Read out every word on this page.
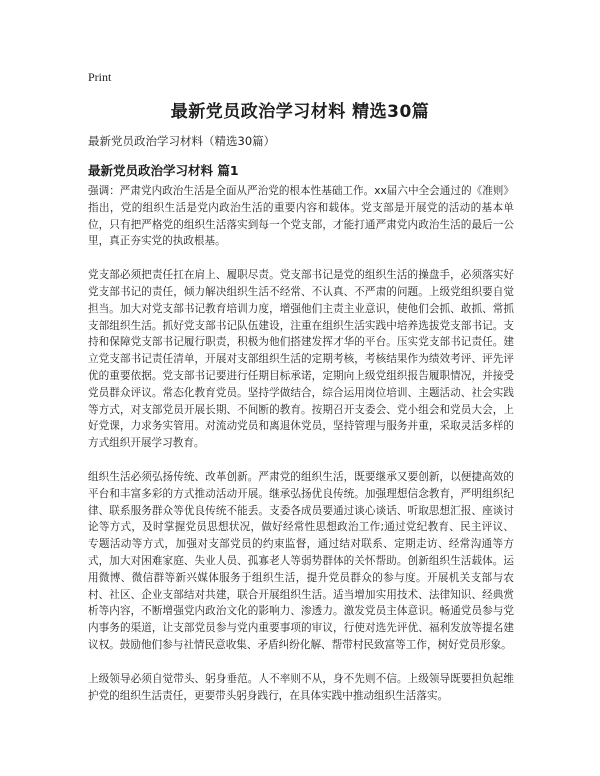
Print
最新党员政治学习材料 精选30篇
最新党员政治学习材料（精选30篇）
最新党员政治学习材料 篇1

强调：严肃党内政治生活是全面从严治党的根本性基础工作。xx届六中全会通过的《准则》指出，党的组织生活是党内政治生活的重要内容和载体。党支部是开展党的活动的基本单位，只有把严格党的组织生活落实到每一个党支部，才能打通严肃党内政治生活的最后一公里，真正夯实党的执政根基。

党支部必须把责任扛在肩上、履职尽责。党支部书记是党的组织生活的操盘手，必须落实好党支部书记的责任，倾力解决组织生活不经常、不认真、不严肃的问题。上级党组织要自觉担当。加大对党支部书记教育培训力度，增强他们主责主业意识，使他们会抓、敢抓、常抓支部组织生活。抓好党支部书记队伍建设，注重在组织生活实践中培养选拔党支部书记。支持和保障党支部书记履行职责，积极为他们搭建发挥才华的平台。压实党支部书记责任。建立党支部书记责任清单，开展对支部组织生活的定期考核，考核结果作为绩效考评、评先评优的重要依据。党支部书记要进行任期目标承诺，定期向上级党组织报告履职情况，并接受党员群众评议。常态化教育党员。坚持学做结合，综合运用岗位培训、主题活动、社会实践等方式，对支部党员开展长期、不间断的教育。按期召开支委会、党小组会和党员大会，上好党课，力求务实管用。对流动党员和离退休党员，坚持管理与服务并重，采取灵活多样的方式组织开展学习教育。

组织生活必须弘扬传统、改革创新。严肃党的组织生活，既要继承又要创新，以便捷高效的平台和丰富多彩的方式推动活动开展。继承弘扬优良传统。加强理想信念教育，严明组织纪律、联系服务群众等优良传统不能丢。支委各成员要通过谈心谈话、听取思想汇报、座谈讨论等方式，及时掌握党员思想状况，做好经常性思想政治工作;通过党纪教育、民主评议、专题活动等方式，加强对支部党员的约束监督，通过结对联系、定期走访、经常沟通等方式，加大对困难家庭、失业人员、孤寡老人等弱势群体的关怀帮助。创新组织生活载体。运用微博、微信群等新兴媒体服务于组织生活，提升党员群众的参与度。开展机关支部与农村、社区、企业支部结对共建，联合开展组织生活。适当增加实用技术、法律知识、经典赏析等内容，不断增强党内政治文化的影响力、渗透力。激发党员主体意识。畅通党员参与党内事务的渠道，让支部党员参与党内重要事项的审议，行使对选先评优、福利发放等提名建议权。鼓励他们参与社情民意收集、矛盾纠纷化解、帮带村民致富等工作，树好党员形象。

上级领导必须自觉带头、躬身垂范。人不率则不从，身不先则不信。上级领导既要担负起维护党的组织生活责任，更要带头躬身践行，在具体实践中推动组织生活落实。
